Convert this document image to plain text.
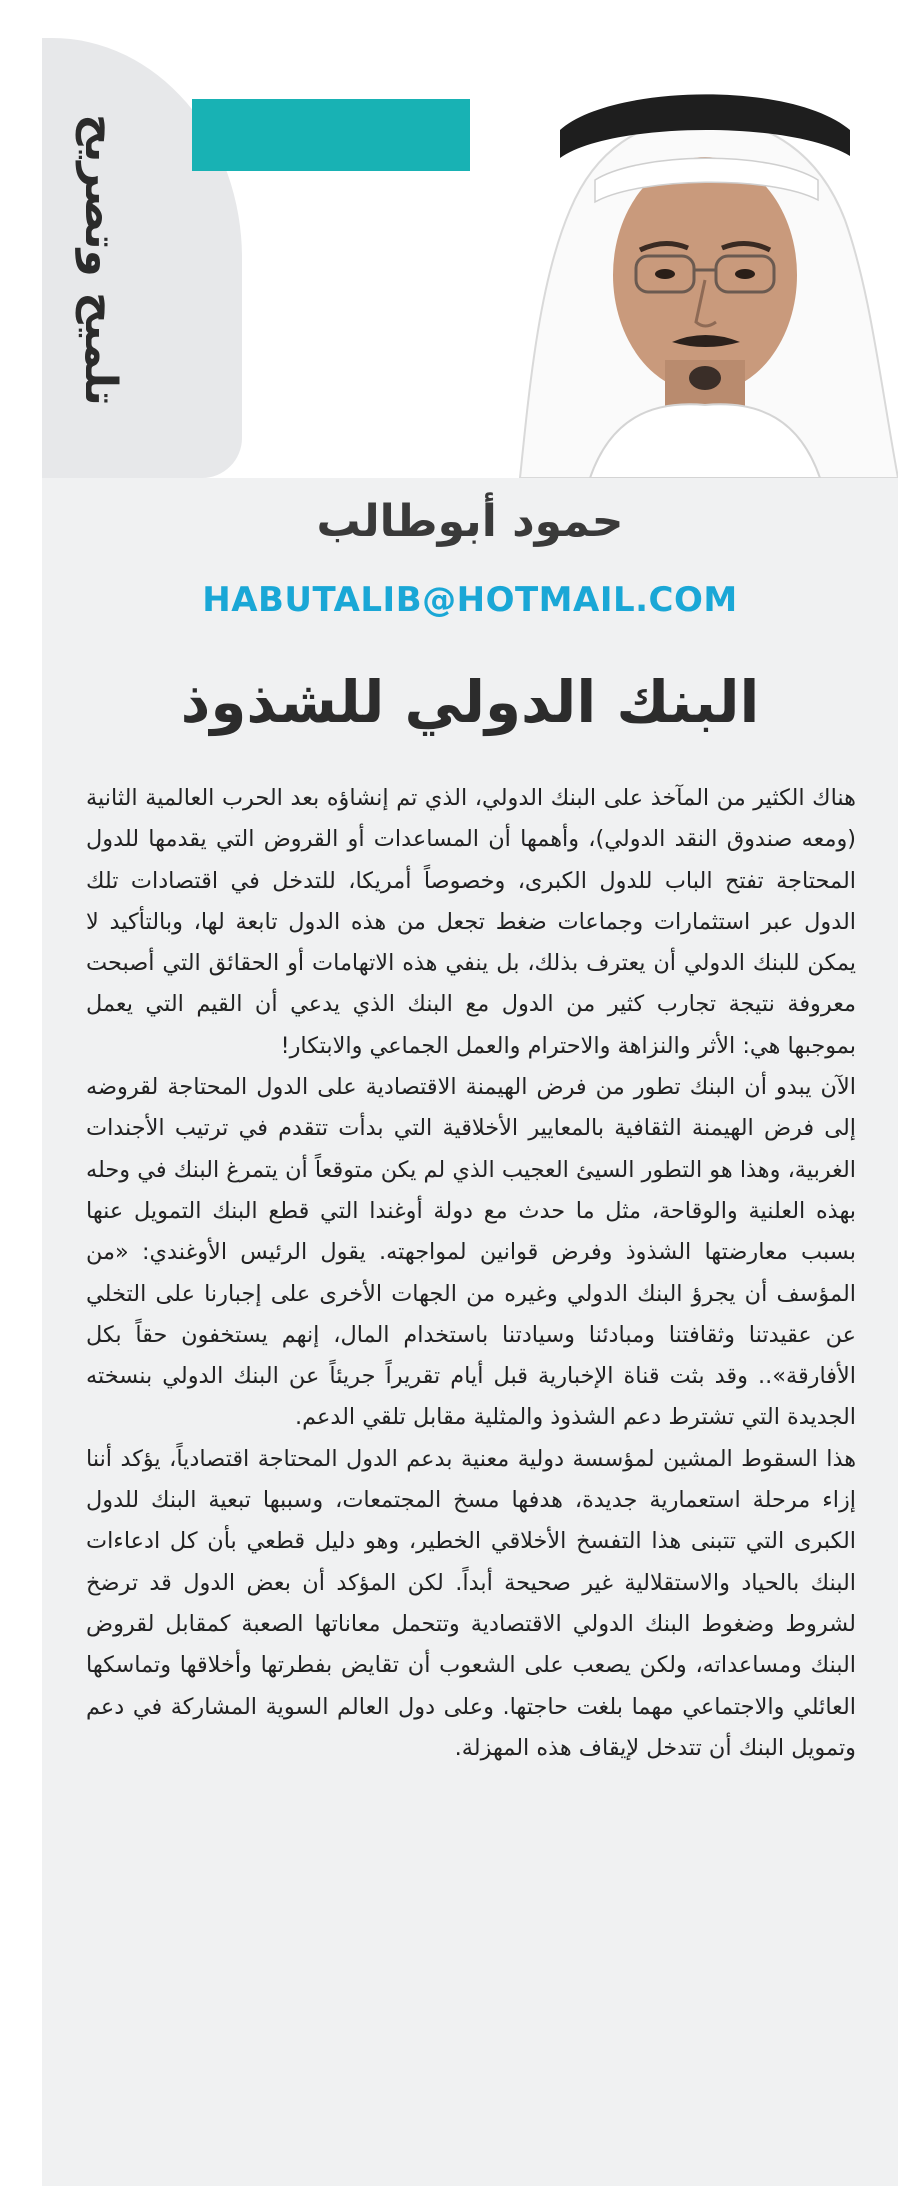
تلميح وتصريح
حمود أبوطالب
HABUTALIB@HOTMAIL.COM
البنك الدولي للشذوذ

هناك الكثير من المآخذ على البنك الدولي، الذي تم إنشاؤه بعد الحرب العالمية الثانية (ومعه صندوق النقد الدولي)، وأهمها أن المساعدات أو القروض التي يقدمها للدول المحتاجة تفتح الباب للدول الكبرى، وخصوصاً أمريكا، للتدخل في اقتصادات تلك الدول عبر استثمارات وجماعات ضغط تجعل من هذه الدول تابعة لها، وبالتأكيد لا يمكن للبنك الدولي أن يعترف بذلك، بل ينفي هذه الاتهامات أو الحقائق التي أصبحت معروفة نتيجة تجارب كثير من الدول مع البنك الذي يدعي أن القيم التي يعمل بموجبها هي: الأثر والنزاهة والاحترام والعمل الجماعي والابتكار!

الآن يبدو أن البنك تطور من فرض الهيمنة الاقتصادية على الدول المحتاجة لقروضه إلى فرض الهيمنة الثقافية بالمعايير الأخلاقية التي بدأت تتقدم في ترتيب الأجندات الغربية، وهذا هو التطور السيئ العجيب الذي لم يكن متوقعاً أن يتمرغ البنك في وحله بهذه العلنية والوقاحة، مثل ما حدث مع دولة أوغندا التي قطع البنك التمويل عنها بسبب معارضتها الشذوذ وفرض قوانين لمواجهته. يقول الرئيس الأوغندي: «من المؤسف أن يجرؤ البنك الدولي وغيره من الجهات الأخرى على إجبارنا على التخلي عن عقيدتنا وثقافتنا ومبادئنا وسيادتنا باستخدام المال، إنهم يستخفون حقاً بكل الأفارقة».. وقد بثت قناة الإخبارية قبل أيام تقريراً جريئاً عن البنك الدولي بنسخته الجديدة التي تشترط دعم الشذوذ والمثلية مقابل تلقي الدعم.

هذا السقوط المشين لمؤسسة دولية معنية بدعم الدول المحتاجة اقتصادياً، يؤكد أننا إزاء مرحلة استعمارية جديدة، هدفها مسخ المجتمعات، وسببها تبعية البنك للدول الكبرى التي تتبنى هذا التفسخ الأخلاقي الخطير، وهو دليل قطعي بأن كل ادعاءات البنك بالحياد والاستقلالية غير صحيحة أبداً. لكن المؤكد أن بعض الدول قد ترضخ لشروط وضغوط البنك الدولي الاقتصادية وتتحمل معاناتها الصعبة كمقابل لقروض البنك ومساعداته، ولكن يصعب على الشعوب أن تقايض بفطرتها وأخلاقها وتماسكها العائلي والاجتماعي مهما بلغت حاجتها. وعلى دول العالم السوية المشاركة في دعم وتمويل البنك أن تتدخل لإيقاف هذه المهزلة.
